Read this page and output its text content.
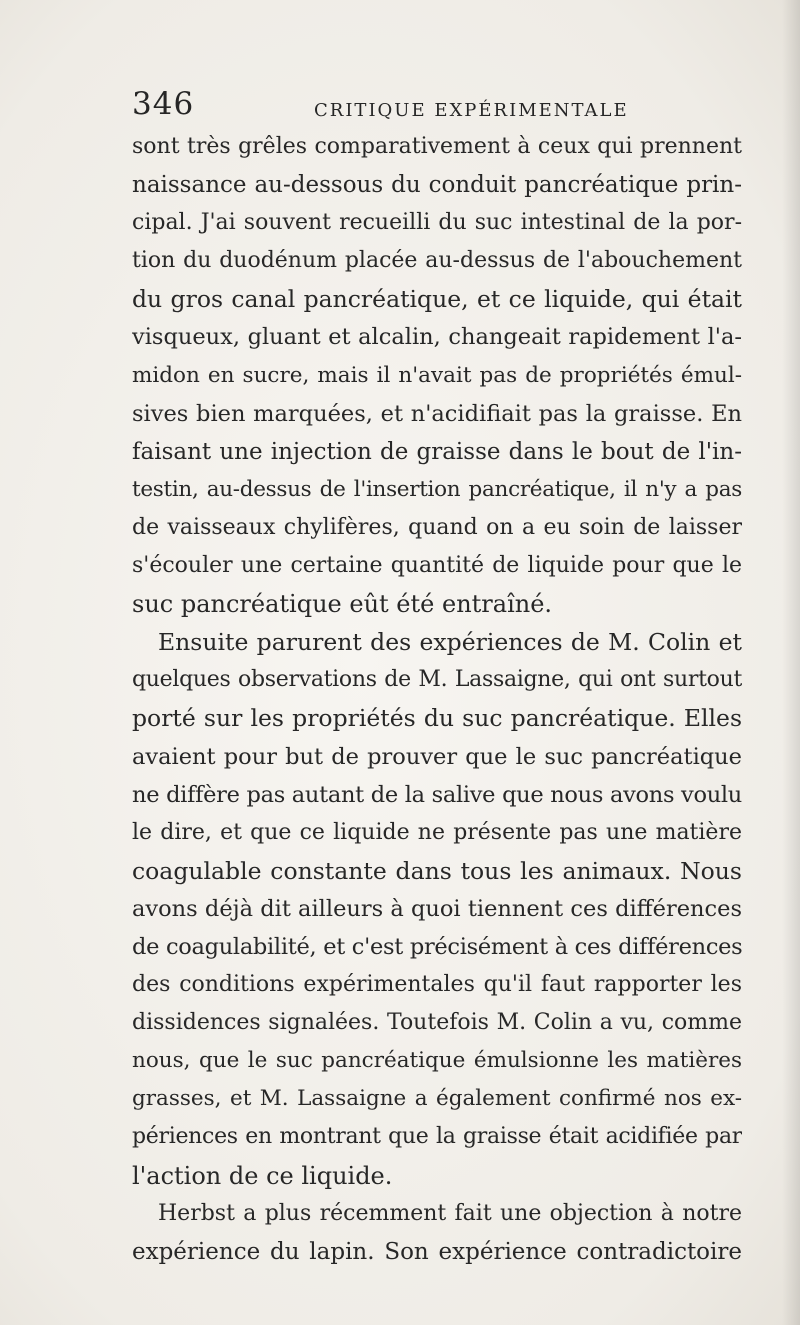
346	CRITIQUE EXPÉRIMENTALE
sont très grêles comparativement à ceux qui prennent
naissance au-dessous du conduit pancréatique prin-
cipal. J'ai souvent recueilli du suc intestinal de la por-
tion du duodénum placée au-dessus de l'abouchement
du gros canal pancréatique, et ce liquide, qui était
visqueux, gluant et alcalin, changeait rapidement l'a-
midon en sucre, mais il n'avait pas de propriétés émul-
sives bien marquées, et n'acidifiait pas la graisse. En
faisant une injection de graisse dans le bout de l'in-
testin, au-dessus de l'insertion pancréatique, il n'y a pas
de vaisseaux chylifères, quand on a eu soin de laisser
s'écouler une certaine quantité de liquide pour que le
suc pancréatique eût été entraîné.
Ensuite parurent des expériences de M. Colin et
quelques observations de M. Lassaigne, qui ont surtout
porté sur les propriétés du suc pancréatique. Elles
avaient pour but de prouver que le suc pancréatique
ne diffère pas autant de la salive que nous avons voulu
le dire, et que ce liquide ne présente pas une matière
coagulable constante dans tous les animaux. Nous
avons déjà dit ailleurs à quoi tiennent ces différences
de coagulabilité, et c'est précisément à ces différences
des conditions expérimentales qu'il faut rapporter les
dissidences signalées. Toutefois M. Colin a vu, comme
nous, que le suc pancréatique émulsionne les matières
grasses, et M. Lassaigne a également confirmé nos ex-
périences en montrant que la graisse était acidifiée par
l'action de ce liquide.
Herbst a plus récemment fait une objection à notre
expérience du lapin. Son expérience contradictoire
